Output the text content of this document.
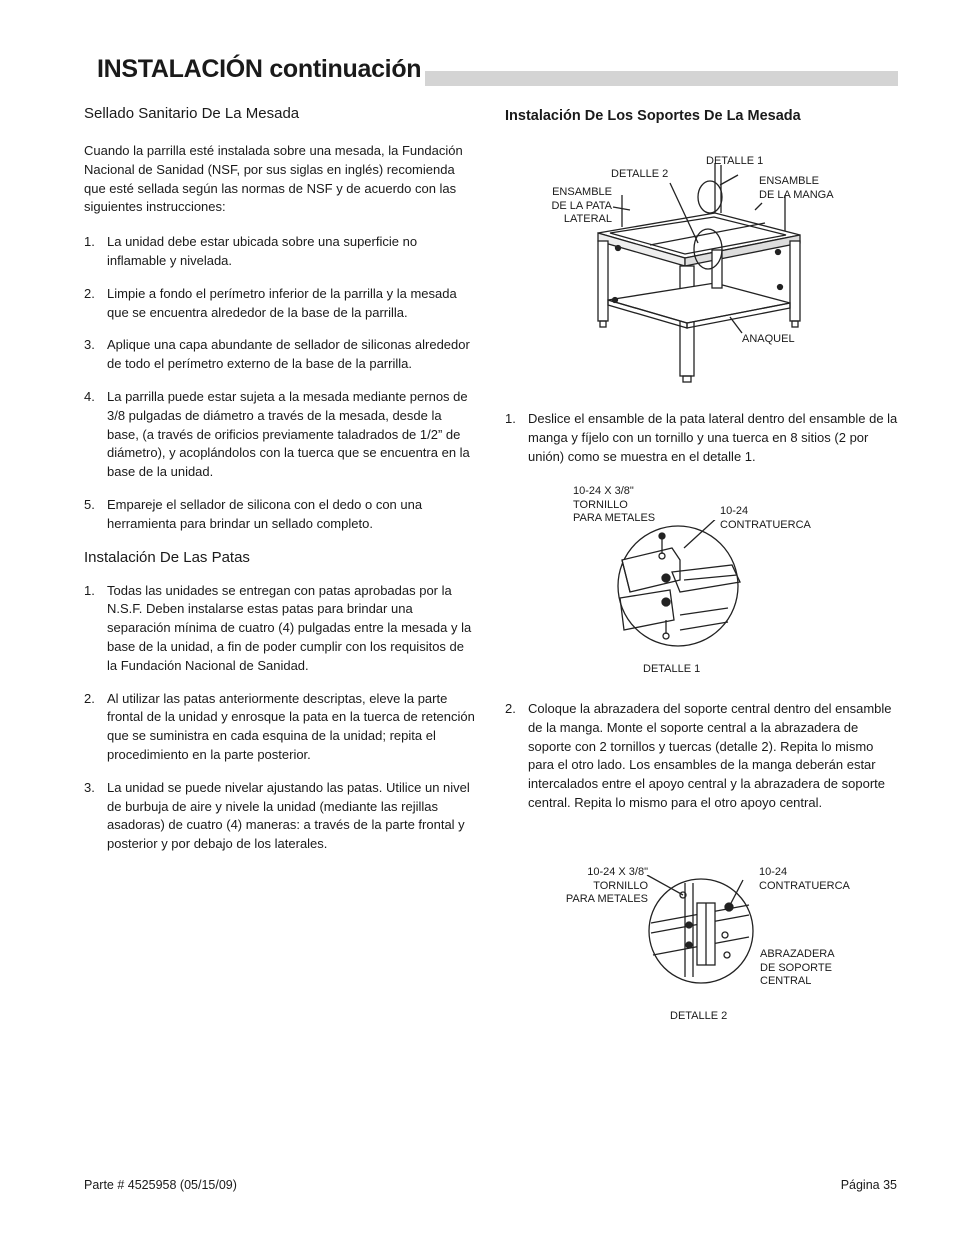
INSTALACIÓN continuación
Sellado Sanitario De La Mesada

Cuando la parrilla esté instalada sobre una mesada, la Fundación Nacional de Sanidad (NSF, por sus siglas en inglés) recomienda que esté sellada según las normas de NSF y de acuerdo con las siguientes instrucciones:

1. La unidad debe estar ubicada sobre una superficie no inflamable y nivelada.
2. Limpie a fondo el perímetro inferior de la parrilla y la mesada que se encuentra alrededor de la base de la parrilla.
3. Aplique una capa abundante de sellador de siliconas alrededor de todo el perímetro externo de la base de la parrilla.
4. La parrilla puede estar sujeta a la mesada mediante pernos de 3/8 pulgadas de diámetro a través de la mesada, desde la base, (a través de orificios previamente taladrados de 1/2” de diámetro), y acoplándolos con la tuerca que se encuentra en la base de la unidad.
5. Empareje el sellador de silicona con el dedo o con una herramienta para brindar un sellado completo.
Instalación De Las Patas
1. Todas las unidades se entregan con patas aprobadas por la N.S.F. Deben instalarse estas patas para brindar una separación mínima de cuatro (4) pulgadas entre la mesada y la base de la unidad, a fin de poder cumplir con los requisitos de la Fundación Nacional de Sanidad.
2. Al utilizar las patas anteriormente descriptas, eleve la parte frontal de la unidad y enrosque la pata en la tuerca de retención que se suministra en cada esquina de la unidad; repita el procedimiento en la parte posterior.
3. La unidad se puede nivelar ajustando las patas. Utilice un nivel de burbuja de aire y nivele la unidad (mediante las rejillas asadoras) de cuatro (4) maneras: a través de la parte frontal y posterior y por debajo de los laterales.
Instalación De Los Soportes De La Mesada
DETALLE 1
DETALLE 2
ENSAMBLE
DE LA PATA
LATERAL
ENSAMBLE
DE LA MANGA
ANAQUEL
1. Deslice el ensamble de la pata lateral dentro del ensamble de la manga y fíjelo con un tornillo y una tuerca en 8 sitios (2 por unión) como se muestra en el detalle 1.
10-24 X 3/8"
TORNILLO
PARA METALES
10-24
CONTRATUERCA
DETALLE 1
2. Coloque la abrazadera del soporte central dentro del ensamble de la manga. Monte el soporte central a la abrazadera de soporte con 2 tornillos y tuercas (detalle 2). Repita lo mismo para el otro lado. Los ensambles de la manga deberán estar intercalados entre el apoyo central y la abrazadera de soporte central. Repita lo mismo para el otro apoyo central.
10-24 X 3/8"
TORNILLO
PARA METALES
10-24
CONTRATUERCA
ABRAZADERA
DE SOPORTE
CENTRAL
DETALLE 2
Parte # 4525958 (05/15/09)	Página 35
